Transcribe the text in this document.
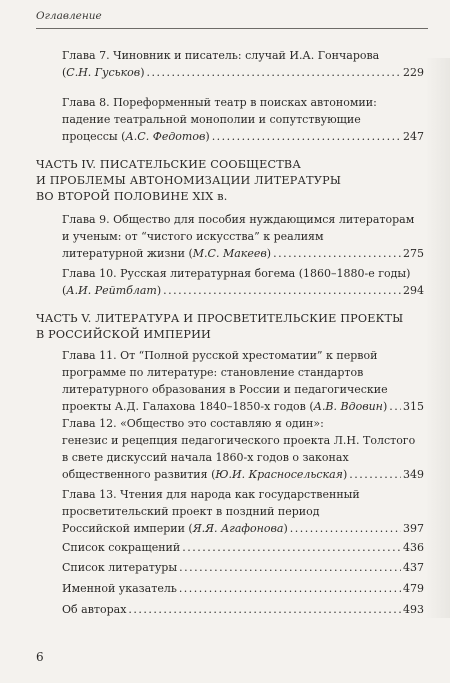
Оглавление
Глава 7. Чиновник и писатель: случай И.А. Гончарова
(С.Н. Гуськов) .....	229
Глава 8. Пореформенный театр в поисках автономии:
падение театральной монополии и сопутствующие
процессы (А.С. Федотов) .....	247
ЧАСТЬ IV. ПИСАТЕЛЬСКИЕ СООБЩЕСТВА
И ПРОБЛЕМЫ АВТОНОМИЗАЦИИ ЛИТЕРАТУРЫ
ВО ВТОРОЙ ПОЛОВИНЕ XIX в.
Глава 9. Общество для пособия нуждающимся литераторам
и ученым: от “чистого искусства” к реалиям
литературной жизни (М.С. Макеев) .....	275
Глава 10. Русская литературная богема (1860–1880-е годы)
(А.И. Рейтблат) .....	294
ЧАСТЬ V. ЛИТЕРАТУРА И ПРОСВЕТИТЕЛЬСКИЕ ПРОЕКТЫ
В РОССИЙСКОЙ ИМПЕРИИ
Глава 11. От “Полной русской хрестоматии” к первой
программе по литературе: становление стандартов
литературного образования в России и педагогические
проекты А.Д. Галахова 1840–1850-х годов (А.В. Вдовин) ..... 315
Глава 12. «Общество это составляю я один»:
генезис и рецепция педагогического проекта Л.Н. Толстого
в свете дискуссий начала 1860-х годов о законах
общественного развития (Ю.И. Красносельская) .....	349
Глава 13. Чтения для народа как государственный
просветительский проект в поздний период
Российской империи (Я.Я. Агафонова) .....	397
Список сокращений .....	436
Список литературы .....	437
Именной указатель .....	479
Об авторах .....	493
6
